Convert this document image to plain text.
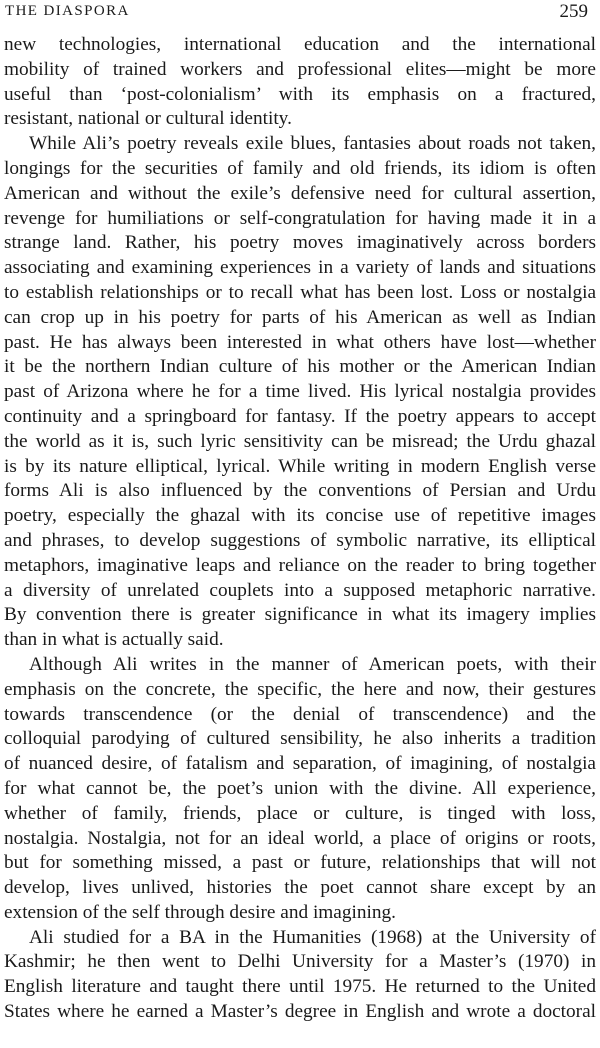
THE DIASPORA	259

new technologies, international education and the international
mobility of trained workers and professional elites—might be more
useful than ‘post-colonialism’ with its emphasis on a fractured,
resistant, national or cultural identity.

While Ali’s poetry reveals exile blues, fantasies about roads not taken,
longings for the securities of family and old friends, its idiom is often
American and without the exile’s defensive need for cultural assertion,
revenge for humiliations or self-congratulation for having made it in a
strange land. Rather, his poetry moves imaginatively across borders
associating and examining experiences in a variety of lands and situations
to establish relationships or to recall what has been lost. Loss or nostalgia
can crop up in his poetry for parts of his American as well as Indian
past. He has always been interested in what others have lost—whether
it be the northern Indian culture of his mother or the American Indian
past of Arizona where he for a time lived. His lyrical nostalgia provides
continuity and a springboard for fantasy. If the poetry appears to accept
the world as it is, such lyric sensitivity can be misread; the Urdu ghazal
is by its nature elliptical, lyrical. While writing in modern English verse
forms Ali is also influenced by the conventions of Persian and Urdu
poetry, especially the ghazal with its concise use of repetitive images
and phrases, to develop suggestions of symbolic narrative, its elliptical
metaphors, imaginative leaps and reliance on the reader to bring together
a diversity of unrelated couplets into a supposed metaphoric narrative.
By convention there is greater significance in what its imagery implies
than in what is actually said.

Although Ali writes in the manner of American poets, with their
emphasis on the concrete, the specific, the here and now, their gestures
towards transcendence (or the denial of transcendence) and the
colloquial parodying of cultured sensibility, he also inherits a tradition
of nuanced desire, of fatalism and separation, of imagining, of nostalgia
for what cannot be, the poet’s union with the divine. All experience,
whether of family, friends, place or culture, is tinged with loss,
nostalgia. Nostalgia, not for an ideal world, a place of origins or roots,
but for something missed, a past or future, relationships that will not
develop, lives unlived, histories the poet cannot share except by an
extension of the self through desire and imagining.

Ali studied for a BA in the Humanities (1968) at the University of
Kashmir; he then went to Delhi University for a Master’s (1970) in
English literature and taught there until 1975. He returned to the United
States where he earned a Master’s degree in English and wrote a doctoral
